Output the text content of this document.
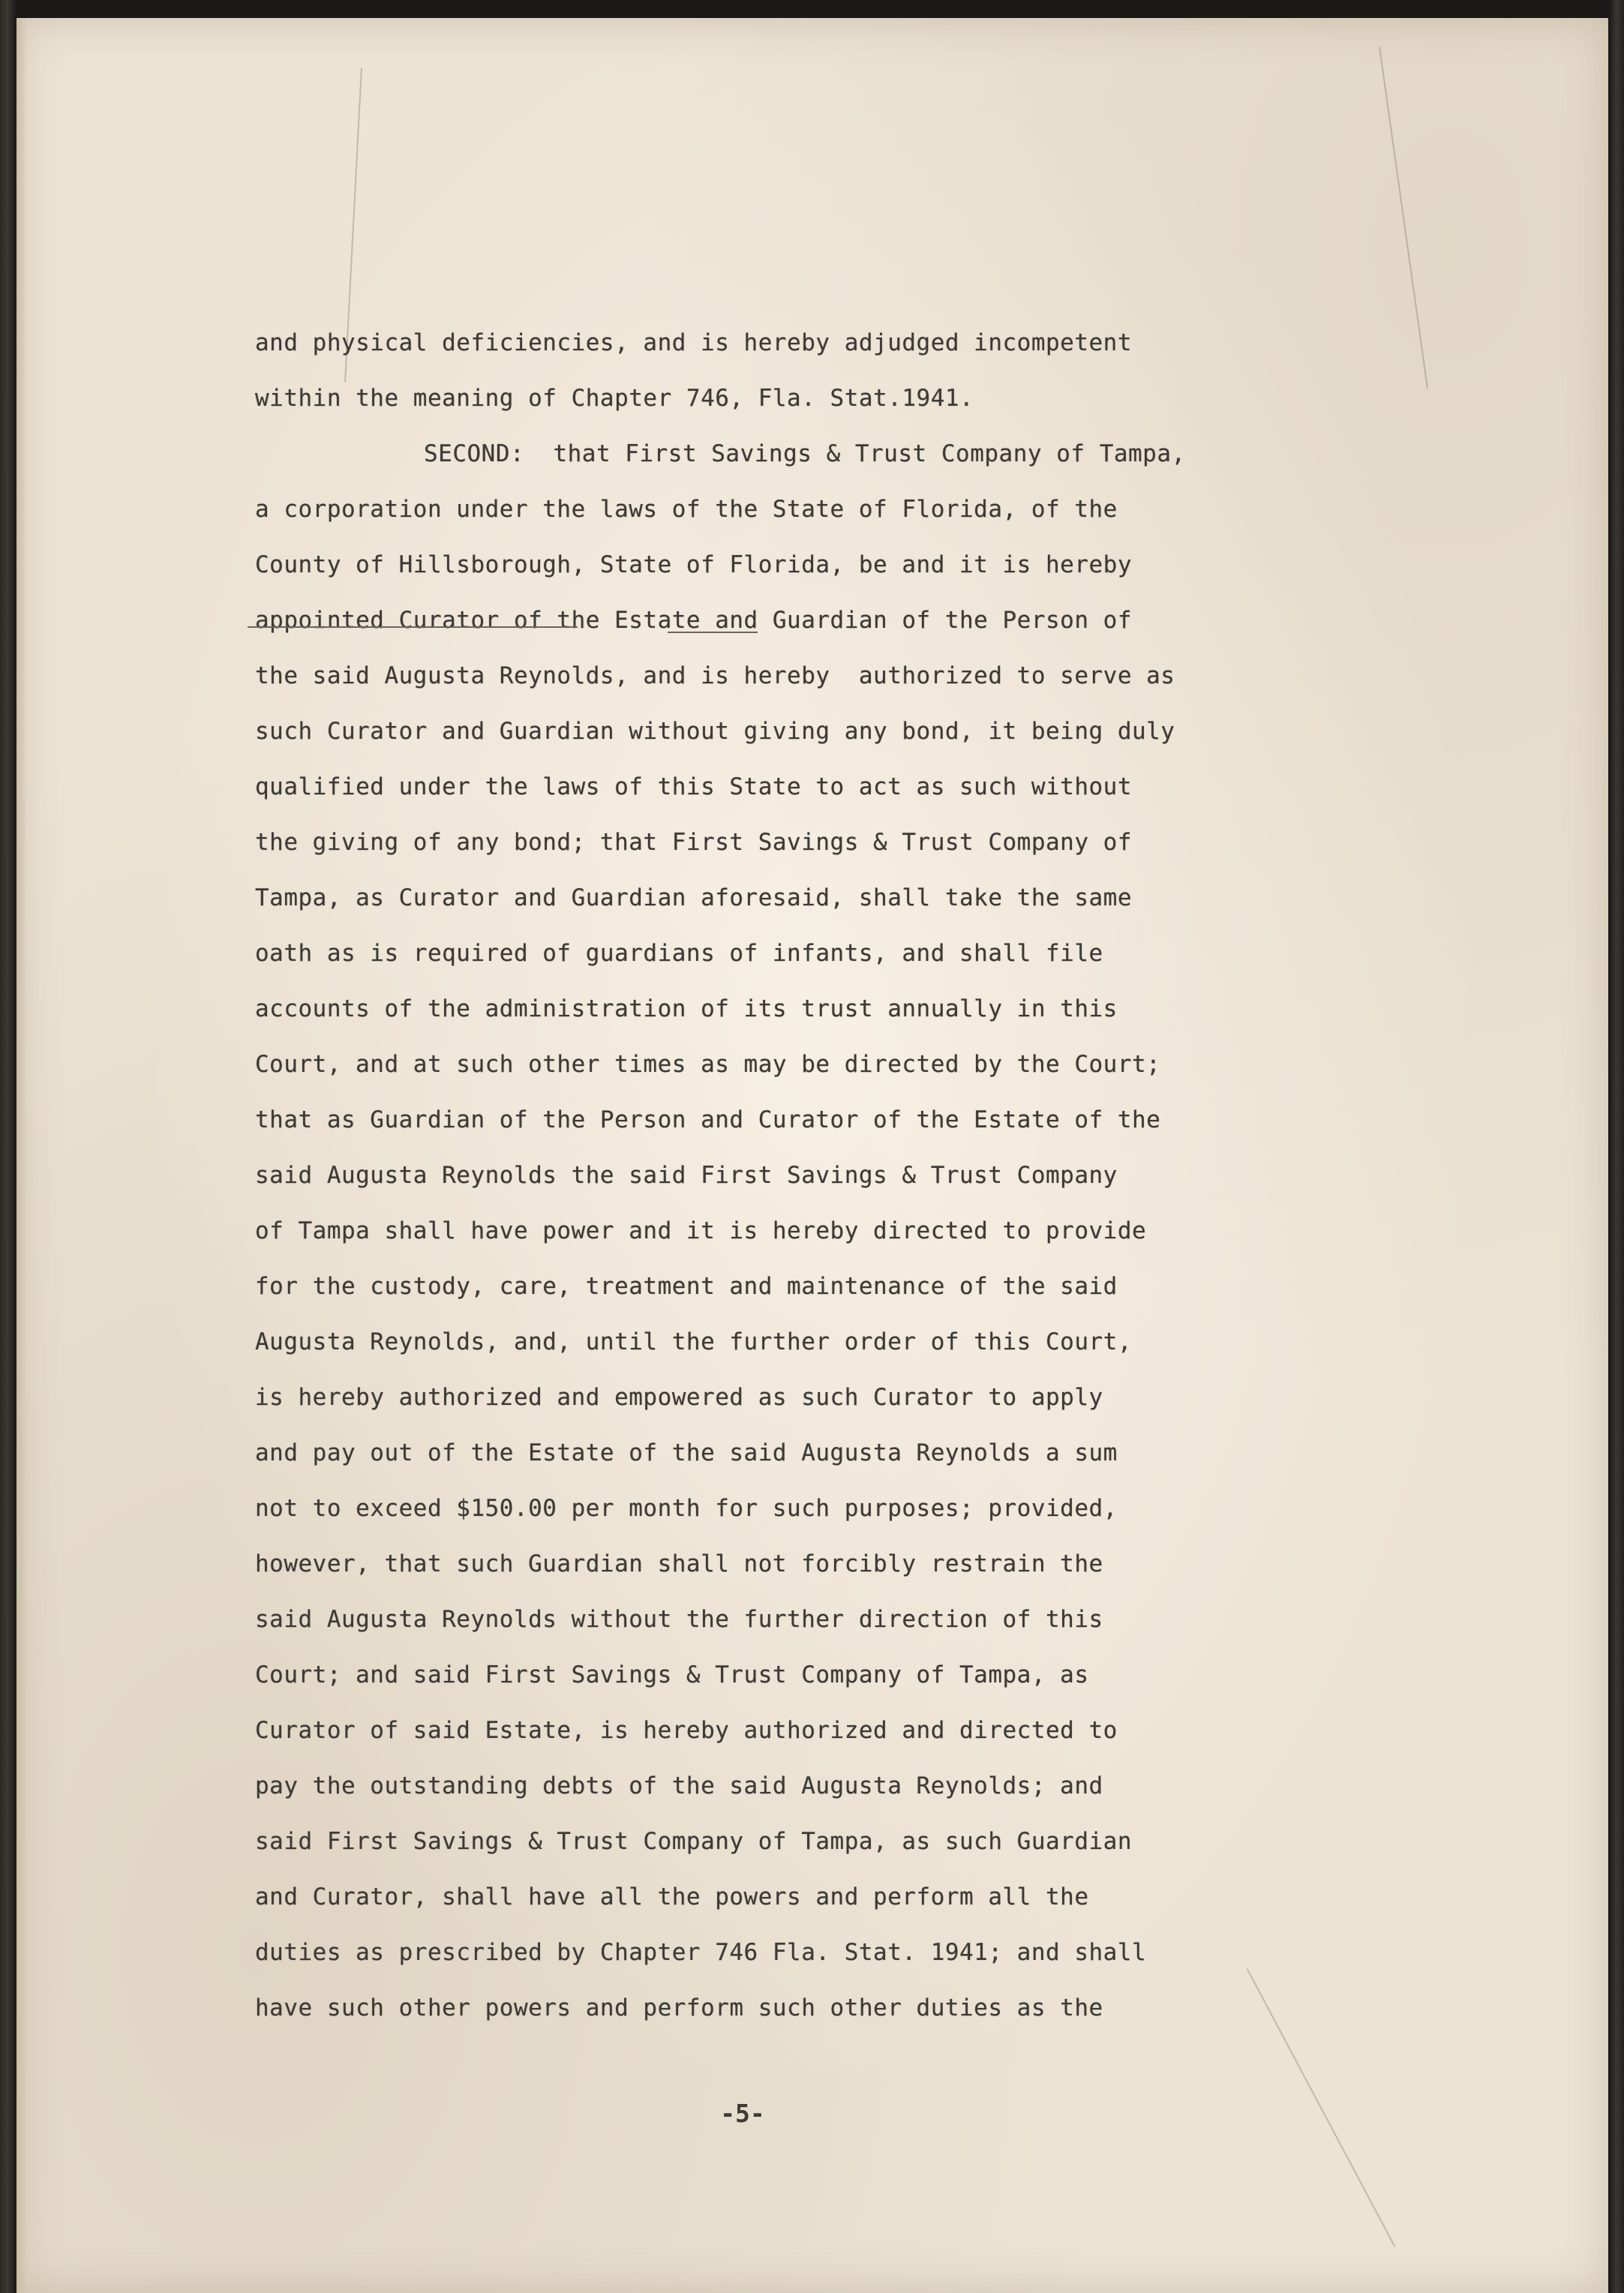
and physical deficiencies, and is hereby adjudged incompetent
within the meaning of Chapter 746, Fla. Stat.1941.
SECOND:  that First Savings & Trust Company of Tampa,
a corporation under the laws of the State of Florida, of the
County of Hillsborough, State of Florida, be and it is hereby
appointed Curator of the Estate and Guardian of the Person of
the said Augusta Reynolds, and is hereby  authorized to serve as
such Curator and Guardian without giving any bond, it being duly
qualified under the laws of this State to act as such without
the giving of any bond; that First Savings & Trust Company of
Tampa, as Curator and Guardian aforesaid, shall take the same
oath as is required of guardians of infants, and shall file
accounts of the administration of its trust annually in this
Court, and at such other times as may be directed by the Court;
that as Guardian of the Person and Curator of the Estate of the
said Augusta Reynolds the said First Savings & Trust Company
of Tampa shall have power and it is hereby directed to provide
for the custody, care, treatment and maintenance of the said
Augusta Reynolds, and, until the further order of this Court,
is hereby authorized and empowered as such Curator to apply
and pay out of the Estate of the said Augusta Reynolds a sum
not to exceed $150.00 per month for such purposes; provided,
however, that such Guardian shall not forcibly restrain the
said Augusta Reynolds without the further direction of this
Court; and said First Savings & Trust Company of Tampa, as
Curator of said Estate, is hereby authorized and directed to
pay the outstanding debts of the said Augusta Reynolds; and
said First Savings & Trust Company of Tampa, as such Guardian
and Curator, shall have all the powers and perform all the
duties as prescribed by Chapter 746 Fla. Stat. 1941; and shall
have such other powers and perform such other duties as the
-5-
